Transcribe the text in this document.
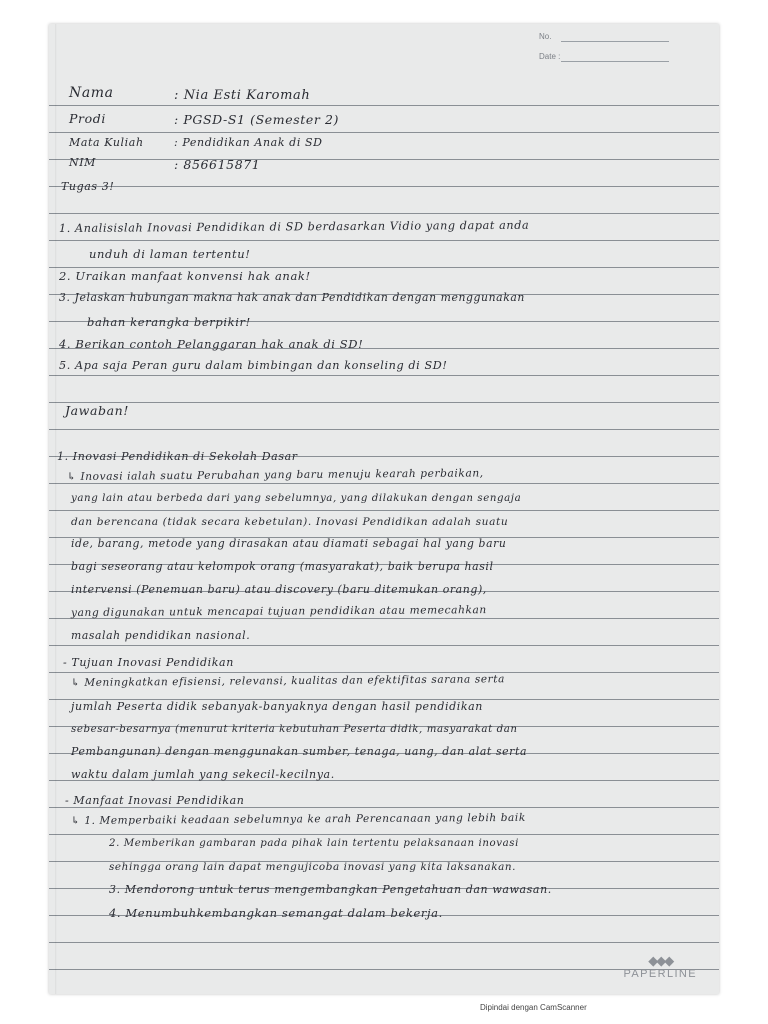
No.
Date :
Nama	: Nia Esti Karomah
Prodi	: PGSD-S1 (Semester 2)
Mata Kuliah	: Pendidikan Anak di SD
NIM	: 856615871
Tugas 3!
1. Analisislah Inovasi Pendidikan di SD berdasarkan Vidio yang dapat anda
unduh di laman tertentu!
2. Uraikan manfaat konvensi hak anak!
3. Jelaskan hubungan makna hak anak dan Pendidikan dengan menggunakan
bahan kerangka berpikir!
4. Berikan contoh Pelanggaran hak anak di SD!
5. Apa saja Peran guru dalam bimbingan dan konseling di SD!
Jawaban!
1. Inovasi Pendidikan di Sekolah Dasar
↳ Inovasi ialah suatu Perubahan yang baru menuju kearah perbaikan,
yang lain atau berbeda dari yang sebelumnya, yang dilakukan dengan sengaja
dan berencana (tidak secara kebetulan). Inovasi Pendidikan adalah suatu
ide, barang, metode yang dirasakan atau diamati sebagai hal yang baru
bagi seseorang atau kelompok orang (masyarakat), baik berupa hasil
intervensi (Penemuan baru) atau discovery (baru ditemukan orang),
yang digunakan untuk mencapai tujuan pendidikan atau memecahkan
masalah pendidikan nasional.
- Tujuan Inovasi Pendidikan
↳ Meningkatkan efisiensi, relevansi, kualitas dan efektifitas sarana serta
jumlah Peserta didik sebanyak-banyaknya dengan hasil pendidikan
sebesar-besarnya (menurut kriteria kebutuhan Peserta didik, masyarakat dan
Pembangunan) dengan menggunakan sumber, tenaga, uang, dan alat serta
waktu dalam jumlah yang sekecil-kecilnya.
- Manfaat Inovasi Pendidikan
↳ 1. Memperbaiki keadaan sebelumnya ke arah Perencanaan yang lebih baik
2. Memberikan gambaran pada pihak lain tertentu pelaksanaan inovasi
sehingga orang lain dapat mengujicoba inovasi yang kita laksanakan.
3. Mendorong untuk terus mengembangkan Pengetahuan dan wawasan.
4. Menumbuhkembangkan semangat dalam bekerja.
◆◆◆
PAPERLINE
Dipindai dengan CamScanner
